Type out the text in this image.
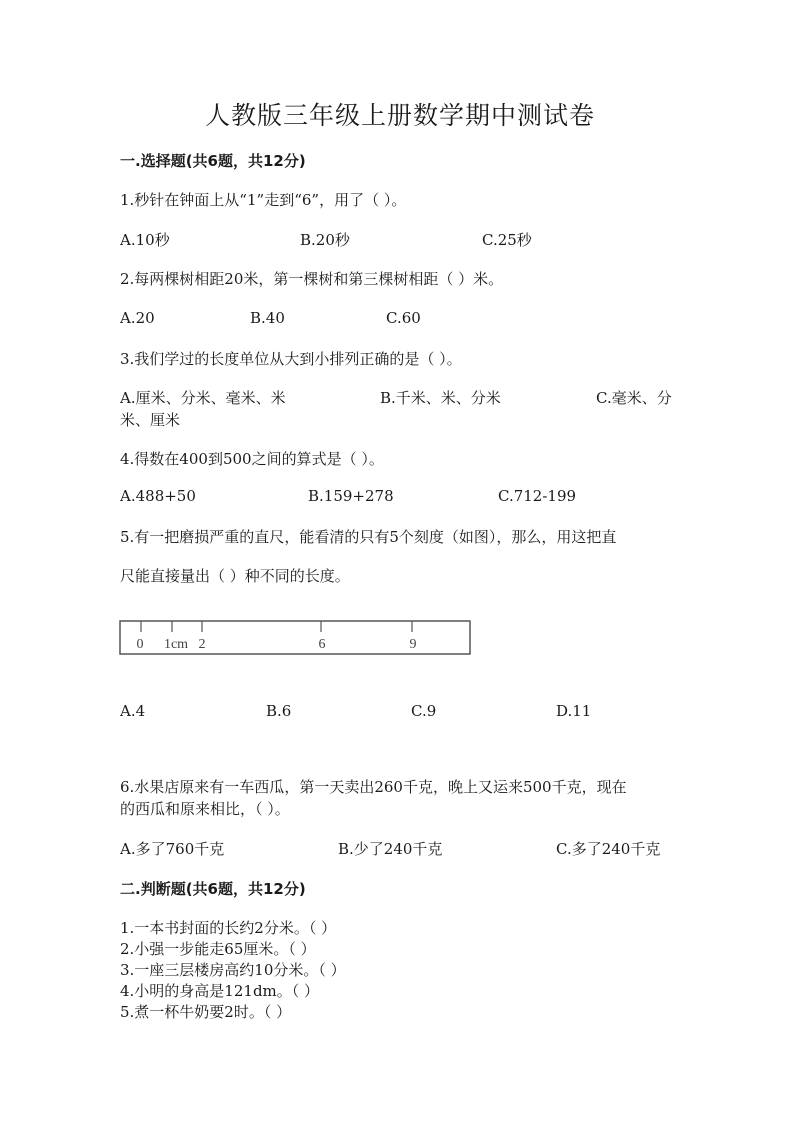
人教版三年级上册数学期中测试卷
一.选择题(共6题，共12分)
1.秒针在钟面上从“1”走到“6”，用了（ ）。
A.10秒	B.20秒	C.25秒
2.每两棵树相距20米，第一棵树和第三棵树相距（ ）米。
A.20	B.40	C.60
3.我们学过的长度单位从大到小排列正确的是（ ）。
A.厘米、分米、毫米、米	B.千米、米、分米	C.毫米、分
米、厘米
4.得数在400到500之间的算式是（ ）。
A.488+50	B.159+278	C.712-199
5.有一把磨损严重的直尺，能看清的只有5个刻度（如图），那么，用这把直
尺能直接量出（ ）种不同的长度。
0 1cm 2	6	9
A.4	B.6	C.9	D.11
6.水果店原来有一车西瓜，第一天卖出260千克，晚上又运来500千克，现在
的西瓜和原来相比，（ ）。
A.多了760千克	B.少了240千克	C.多了240千克
二.判断题(共6题，共12分)
1.一本书封面的长约2分米。（ ）
2.小强一步能走65厘米。（ ）
3.一座三层楼房高约10分米。（ ）
4.小明的身高是121dm。（ ）
5.煮一杯牛奶要2时。（ ）
